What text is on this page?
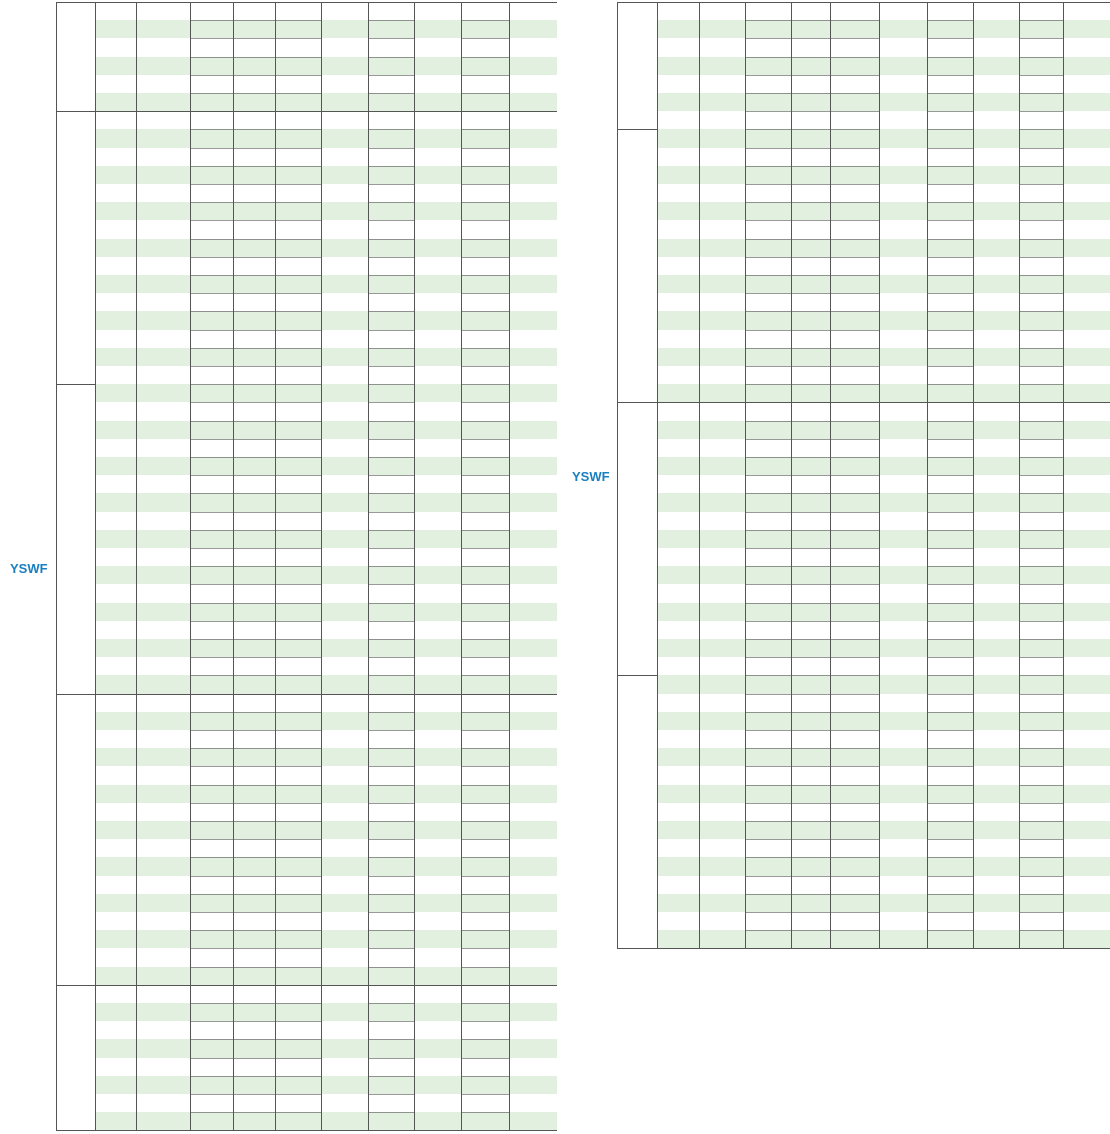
YSWF
YSWF
